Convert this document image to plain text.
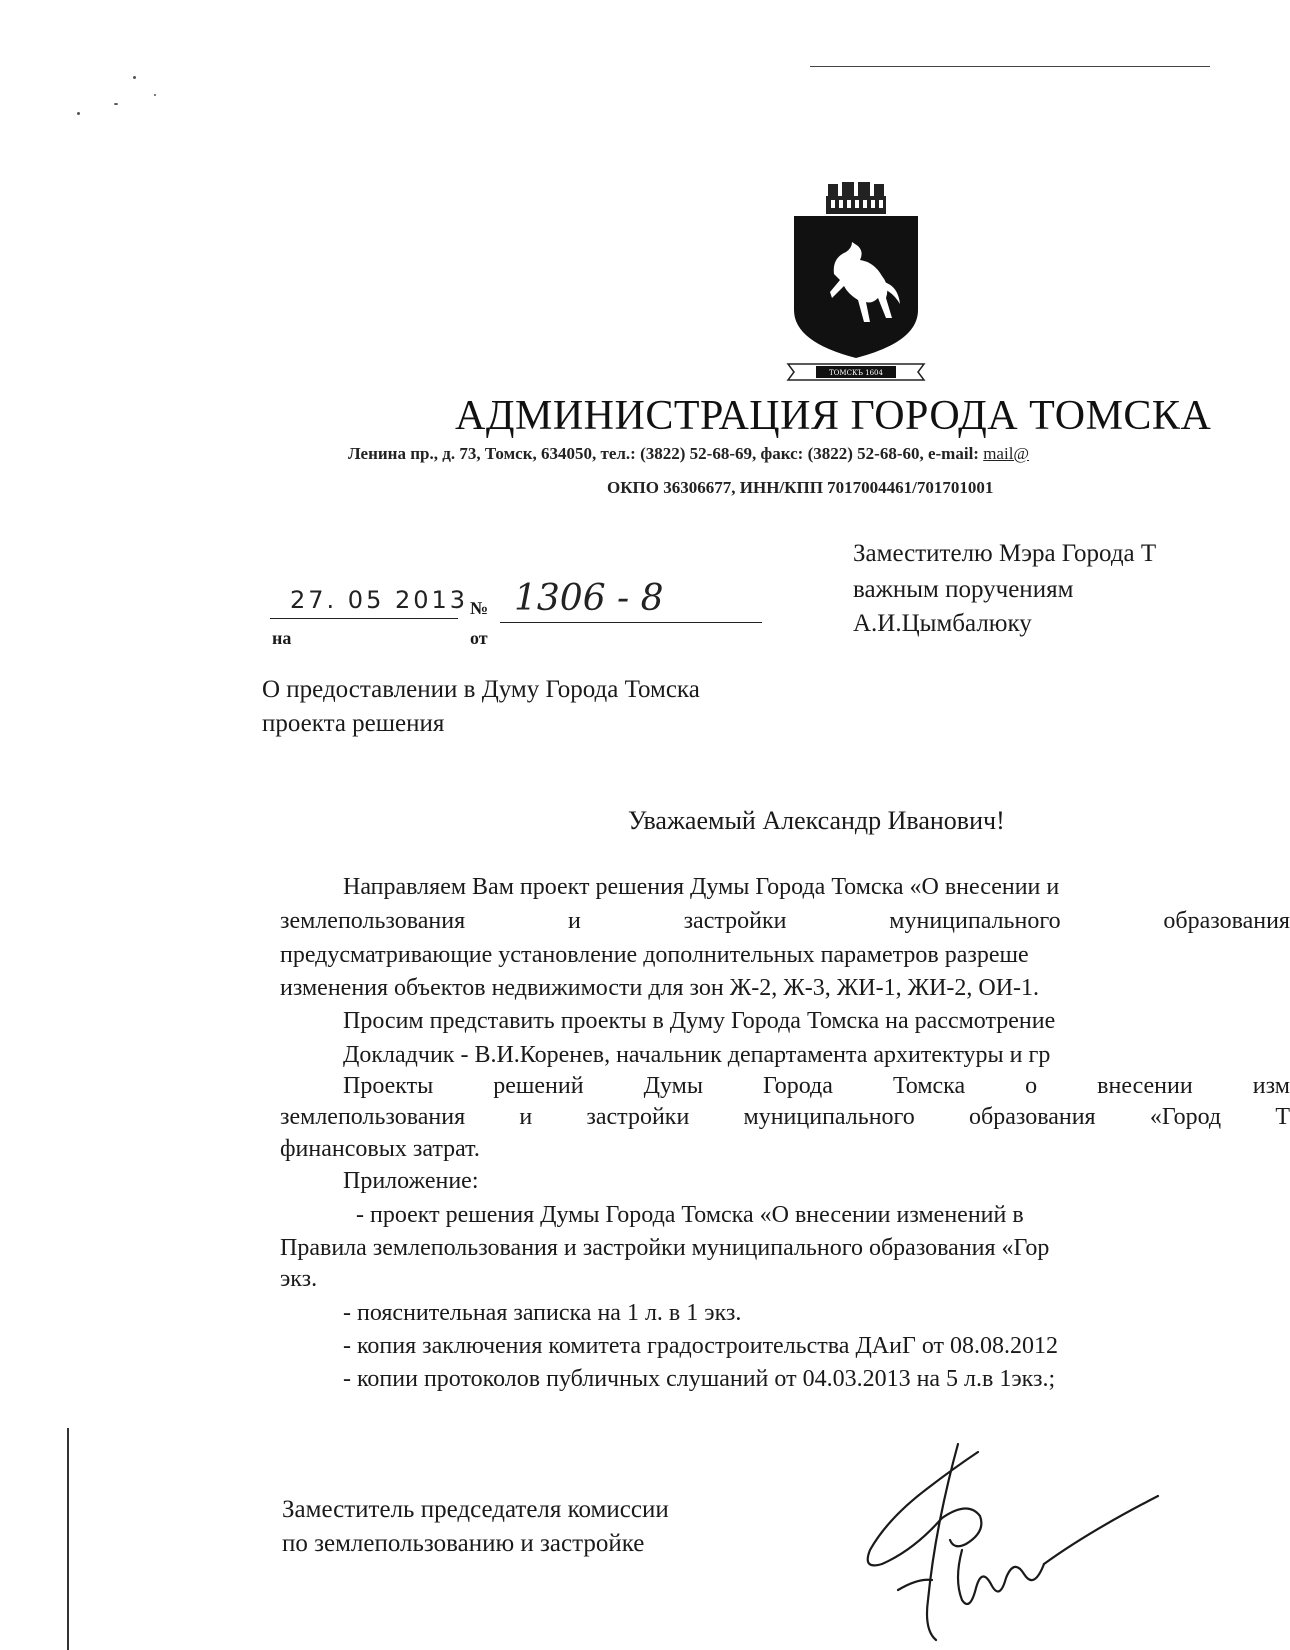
ТОМСКЪ 1604
АДМИНИСТРАЦИЯ ГОРОДА ТОМСКА
Ленина пр., д. 73, Томск, 634050, тел.: (3822) 52-68-69, факс: (3822) 52-68-60, e-mail: mail@
ОКПО 36306677, ИНН/КПП 7017004461/701701001
Заместителю Мэра Города Т
важным поручениям
А.И.Цымбалюку
27. 05 2013 № 1306 - 8
на	от
О предоставлении в Думу Города Томска
проекта решения
Уважаемый Александр Иванович!
Направляем Вам проект решения Думы Города Томска «О внесении и
землепользования	и	застройки	муниципального	образования
предусматривающие установление дополнительных параметров разреше
изменения объектов недвижимости для зон Ж-2, Ж-3, ЖИ-1, ЖИ-2, ОИ-1.
Просим представить проекты в Думу Города Томска на рассмотрение
Докладчик - В.И.Коренев, начальник департамента архитектуры и гр
Проекты	решений	Думы	Города	Томска	о	внесении	изм
землепользования и застройки муниципального образования «Город Т
финансовых затрат.
Приложение:
- проект решения Думы Города Томска «О внесении изменений в
Правила землепользования и застройки муниципального образования «Гор
экз.
- пояснительная записка на 1 л. в 1 экз.
- копия заключения комитета градостроительства ДАиГ от 08.08.2012
- копии протоколов публичных слушаний от 04.03.2013 на 5 л.в 1экз.;
Заместитель председателя комиссии
по землепользованию и застройке
